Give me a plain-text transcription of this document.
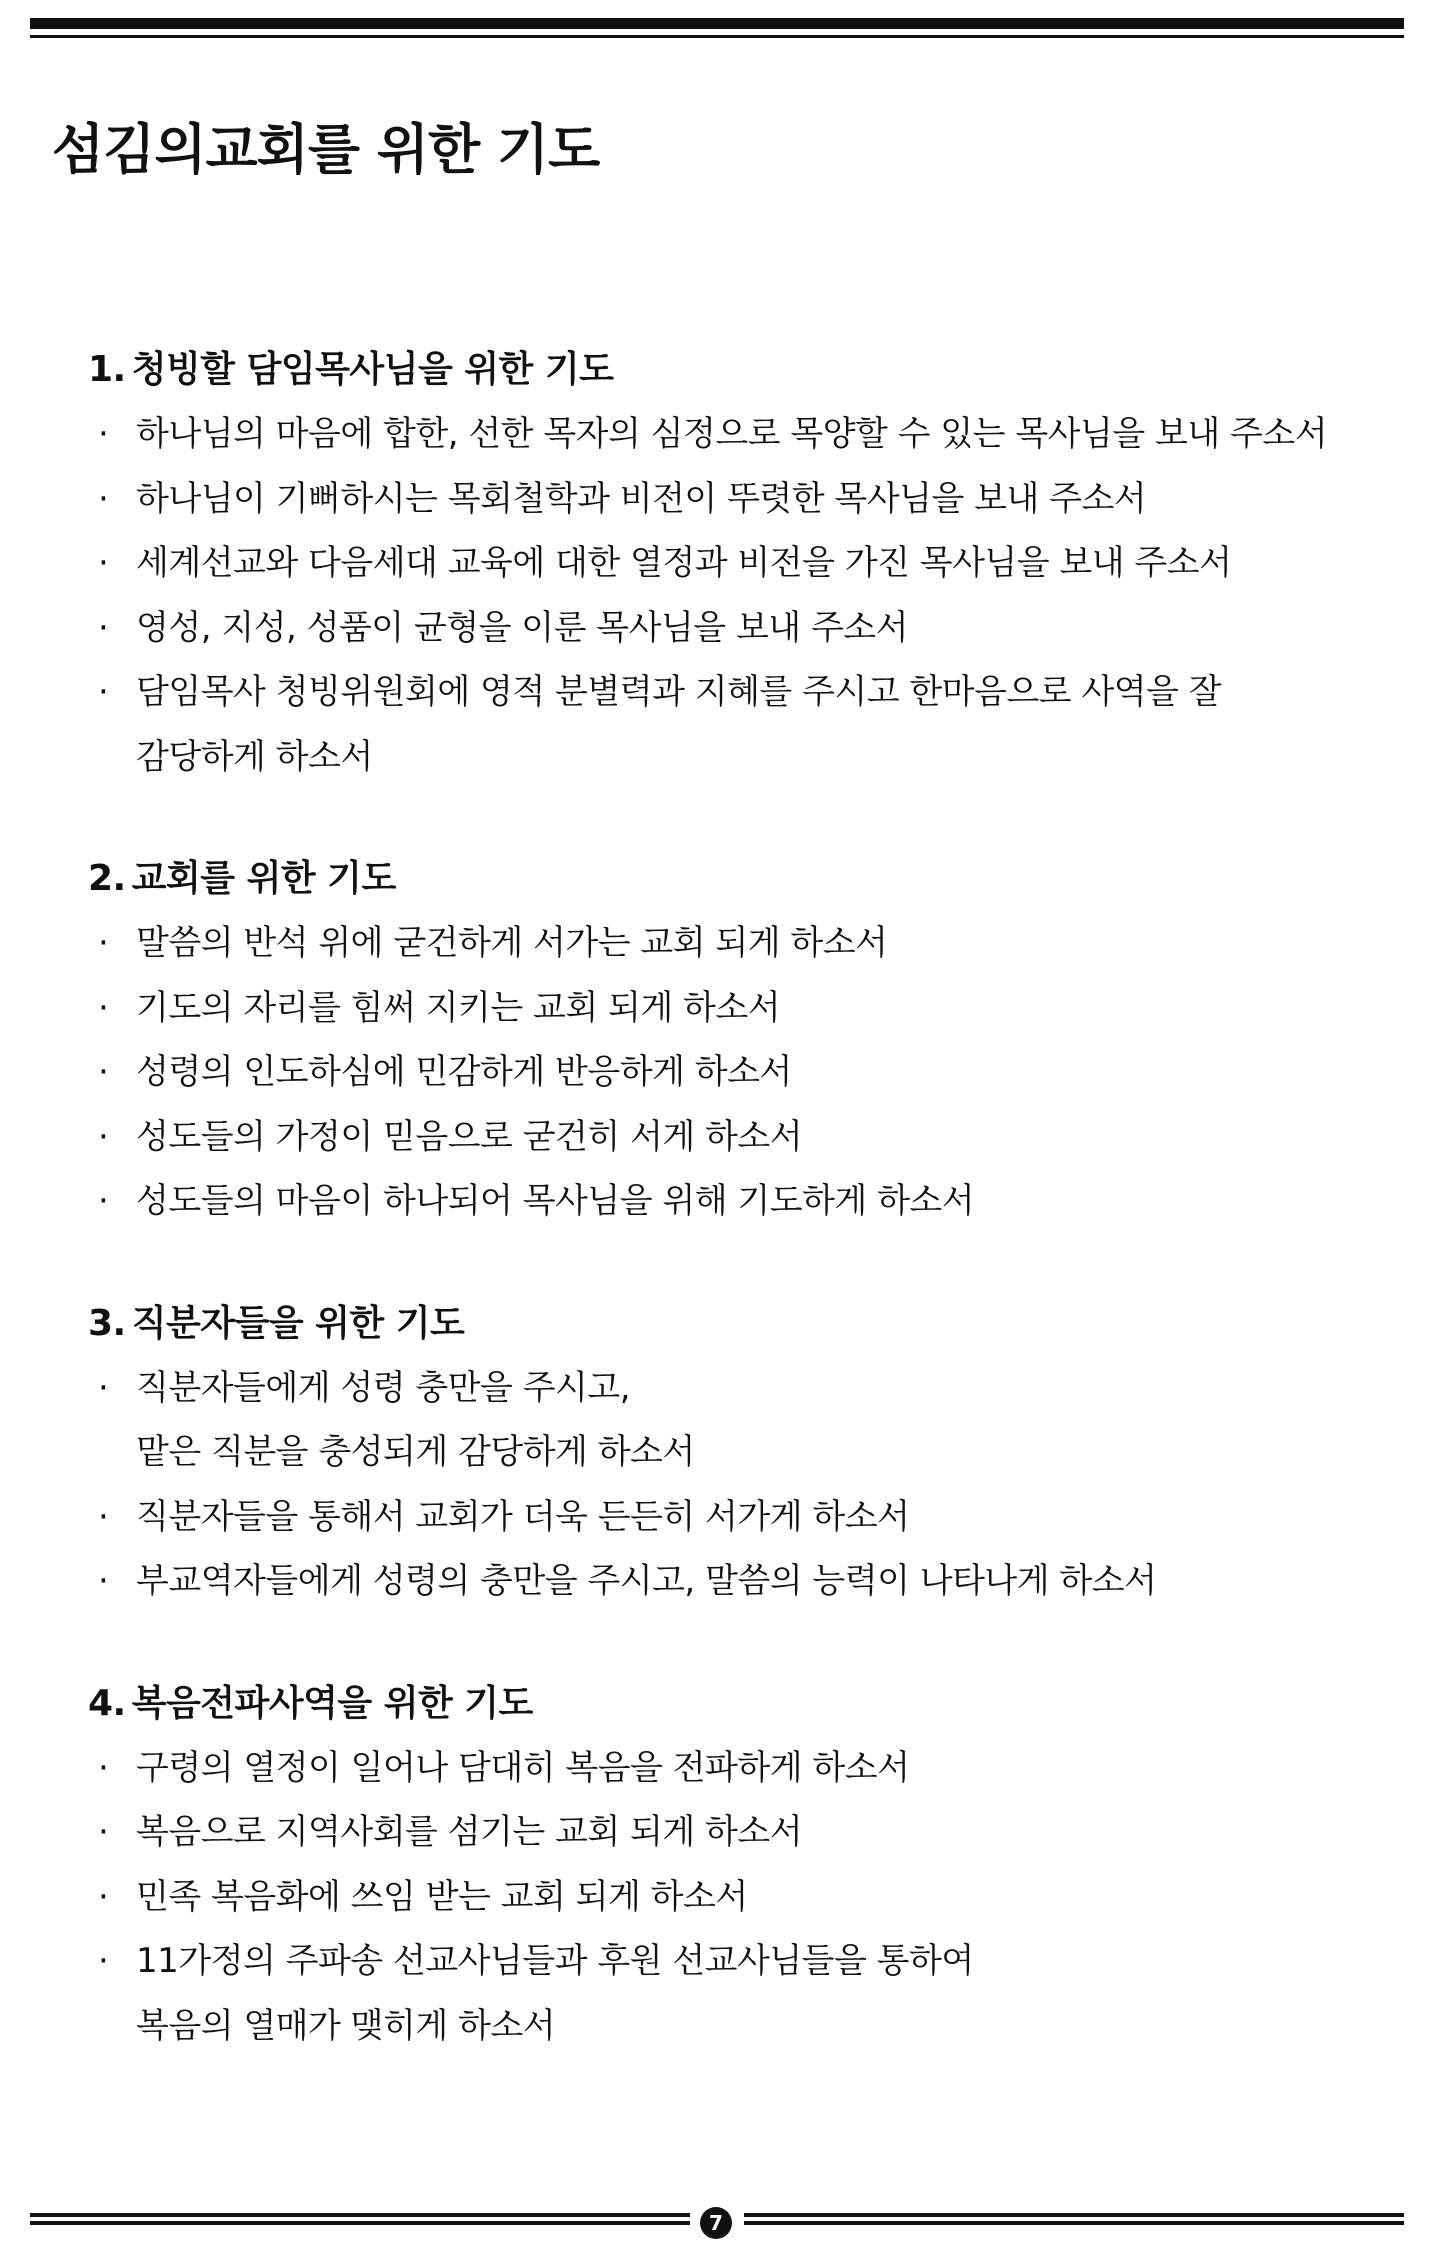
섬김의교회를 위한 기도
1. 청빙할 담임목사님을 위한 기도
· 하나님의 마음에 합한, 선한 목자의 심정으로 목양할 수 있는 목사님을 보내 주소서
· 하나님이 기뻐하시는 목회철학과 비전이 뚜렷한 목사님을 보내 주소서
· 세계선교와 다음세대 교육에 대한 열정과 비전을 가진 목사님을 보내 주소서
· 영성, 지성, 성품이 균형을 이룬 목사님을 보내 주소서
· 담임목사 청빙위원회에 영적 분별력과 지혜를 주시고 한마음으로 사역을 잘
감당하게 하소서
2. 교회를 위한 기도
· 말씀의 반석 위에 굳건하게 서가는 교회 되게 하소서
· 기도의 자리를 힘써 지키는 교회 되게 하소서
· 성령의 인도하심에 민감하게 반응하게 하소서
· 성도들의 가정이 믿음으로 굳건히 서게 하소서
· 성도들의 마음이 하나되어 목사님을 위해 기도하게 하소서
3. 직분자들을 위한 기도
· 직분자들에게 성령 충만을 주시고,
맡은 직분을 충성되게 감당하게 하소서
· 직분자들을 통해서 교회가 더욱 든든히 서가게 하소서
· 부교역자들에게 성령의 충만을 주시고, 말씀의 능력이 나타나게 하소서
4. 복음전파사역을 위한 기도
· 구령의 열정이 일어나 담대히 복음을 전파하게 하소서
· 복음으로 지역사회를 섬기는 교회 되게 하소서
· 민족 복음화에 쓰임 받는 교회 되게 하소서
· 11가정의 주파송 선교사님들과 후원 선교사님들을 통하여
복음의 열매가 맺히게 하소서
7
